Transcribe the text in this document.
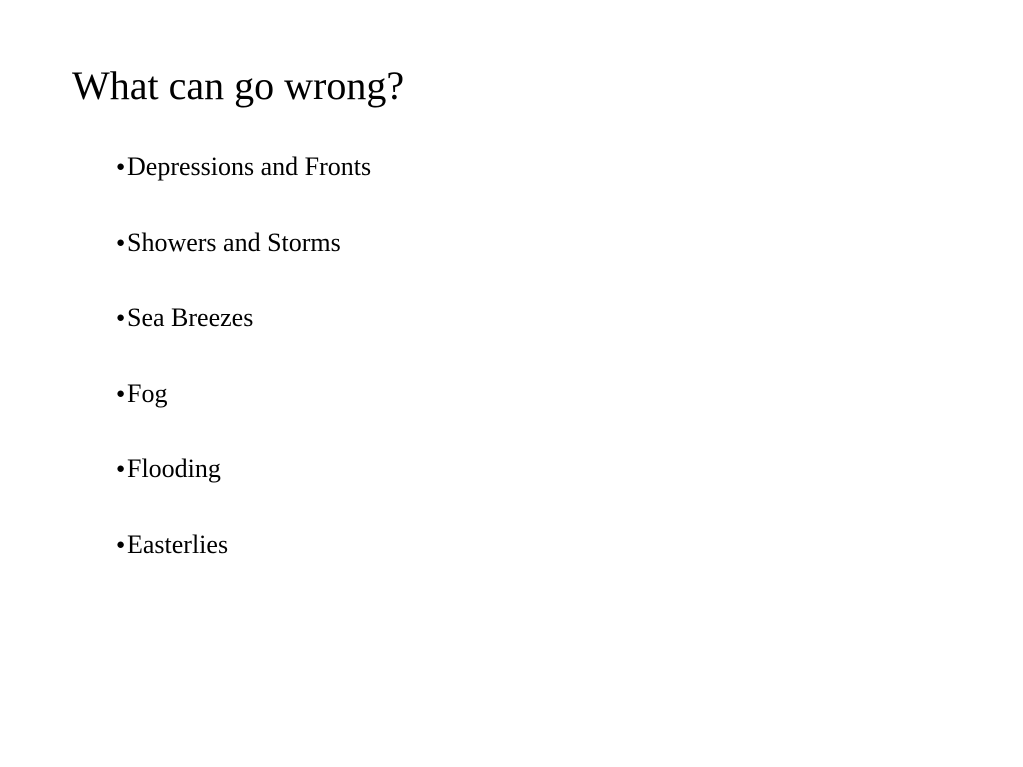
What can go wrong?
● Depressions and Fronts
● Showers and Storms
● Sea Breezes
● Fog
● Flooding
● Easterlies
